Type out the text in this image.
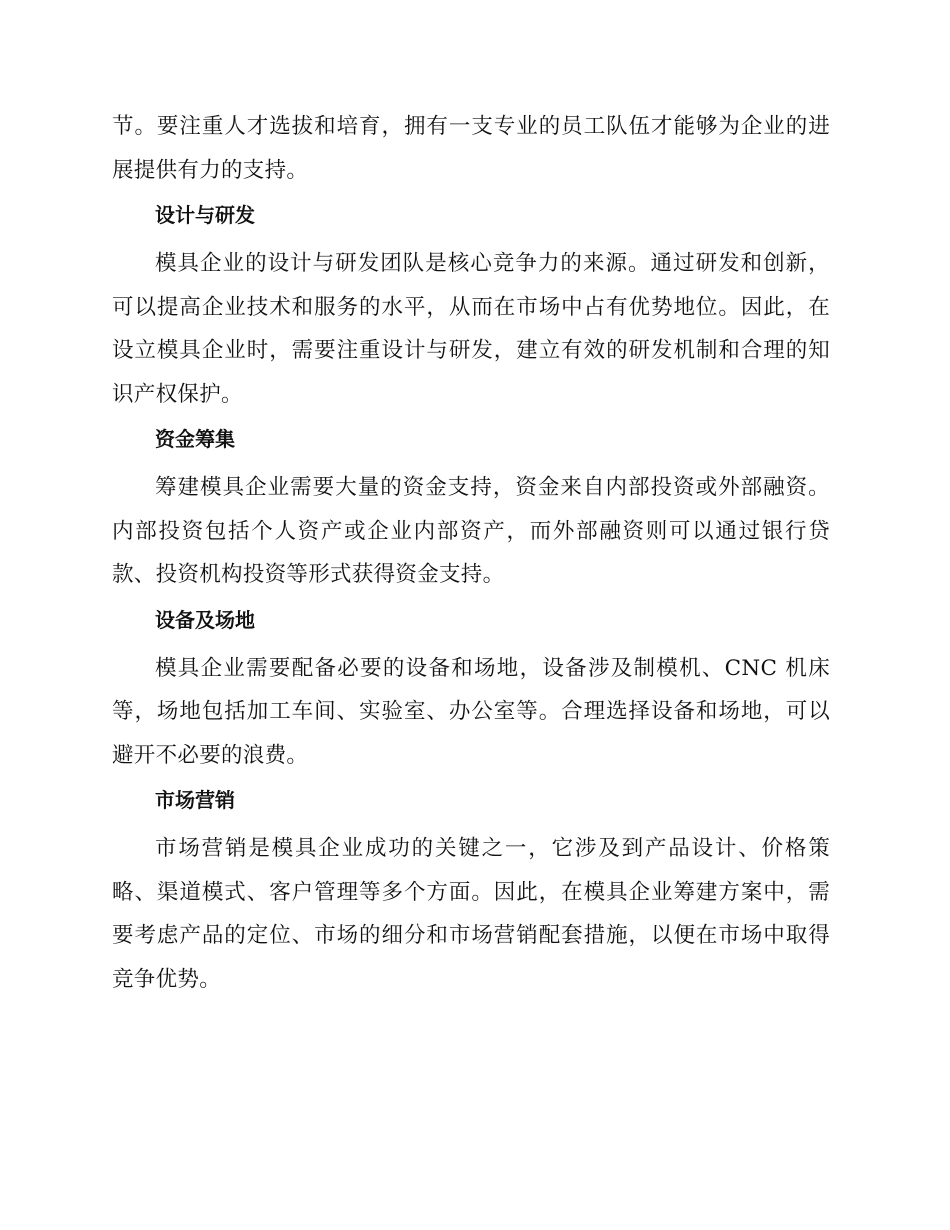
节。要注重人才选拔和培育，拥有一支专业的员工队伍才能够为企业的进展提供有力的支持。

设计与研发

模具企业的设计与研发团队是核心竞争力的来源。通过研发和创新，可以提高企业技术和服务的水平，从而在市场中占有优势地位。因此，在设立模具企业时，需要注重设计与研发，建立有效的研发机制和合理的知识产权保护。

资金筹集

筹建模具企业需要大量的资金支持，资金来自内部投资或外部融资。内部投资包括个人资产或企业内部资产，而外部融资则可以通过银行贷款、投资机构投资等形式获得资金支持。

设备及场地

模具企业需要配备必要的设备和场地，设备涉及制模机、CNC 机床等，场地包括加工车间、实验室、办公室等。合理选择设备和场地，可以避开不必要的浪费。

市场营销

市场营销是模具企业成功的关键之一，它涉及到产品设计、价格策略、渠道模式、客户管理等多个方面。因此，在模具企业筹建方案中，需要考虑产品的定位、市场的细分和市场营销配套措施，以便在市场中取得竞争优势。
